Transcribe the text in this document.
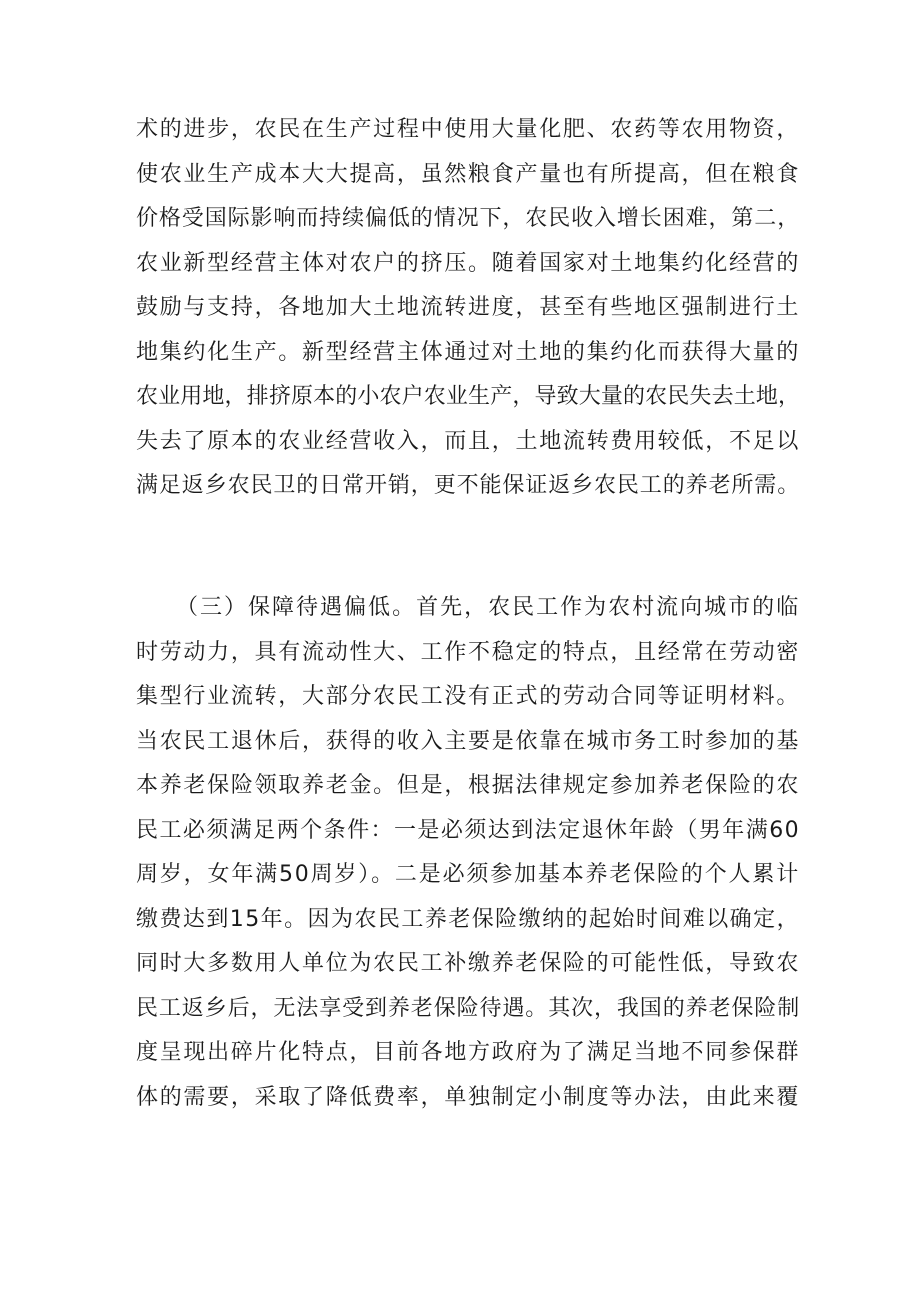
术的进步，农民在生产过程中使用大量化肥、农药等农用物资，
使农业生产成本大大提高，虽然粮食产量也有所提高，但在粮食
价格受国际影响而持续偏低的情况下，农民收入增长困难，第二，
农业新型经营主体对农户的挤压。随着国家对土地集约化经营的
鼓励与支持，各地加大土地流转进度，甚至有些地区强制进行土
地集约化生产。新型经营主体通过对土地的集约化而获得大量的
农业用地，排挤原本的小农户农业生产，导致大量的农民失去土地，
失去了原本的农业经营收入，而且，土地流转费用较低，不足以
满足返乡农民卫的日常开销，更不能保证返乡农民工的养老所需。
（三）保障待遇偏低。首先，农民工作为农村流向城市的临
时劳动力，具有流动性大、工作不稳定的特点，且经常在劳动密
集型行业流转，大部分农民工没有正式的劳动合同等证明材料。
当农民工退休后，获得的收入主要是依靠在城市务工时参加的基
本养老保险领取养老金。但是，根据法律规定参加养老保险的农
民工必须满足两个条件：一是必须达到法定退休年龄（男年满60
周岁，女年满50周岁）。二是必须参加基本养老保险的个人累计
缴费达到15年。因为农民工养老保险缴纳的起始时间难以确定，
同时大多数用人单位为农民工补缴养老保险的可能性低，导致农
民工返乡后，无法享受到养老保险待遇。其次，我国的养老保险制
度呈现出碎片化特点，目前各地方政府为了满足当地不同参保群
体的需要，采取了降低费率，单独制定小制度等办法，由此来覆
